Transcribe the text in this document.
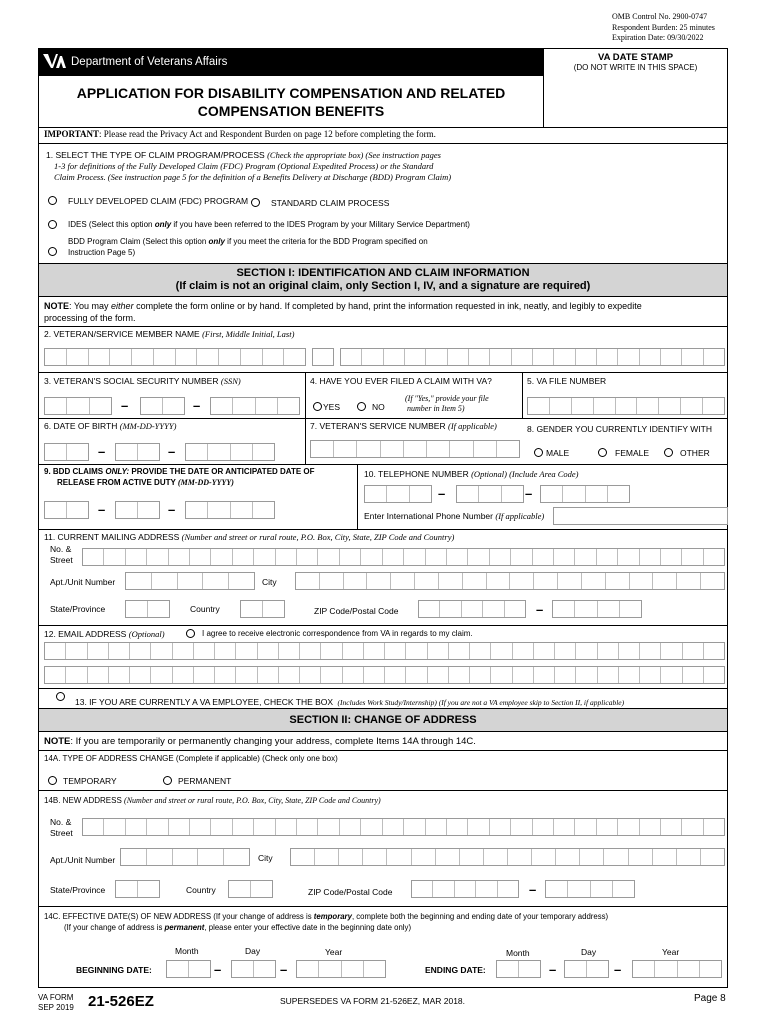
OMB Control No. 2900-0747
Respondent Burden: 25 minutes
Expiration Date: 09/30/2022
Department of Veterans Affairs	VA DATE STAMP
(DO NOT WRITE IN THIS SPACE)
APPLICATION FOR DISABILITY COMPENSATION AND RELATED
COMPENSATION BENEFITS
IMPORTANT: Please read the Privacy Act and Respondent Burden on page 12 before completing the form.
1. SELECT THE TYPE OF CLAIM PROGRAM/PROCESS (Check the appropriate box) (See instruction pages
1-3 for definitions of the Fully Developed Claim (FDC) Program (Optional Expedited Process) or the Standard
Claim Process. (See instruction page 5 for the definition of a Benefits Delivery at Discharge (BDD) Program Claim)
FULLY DEVELOPED CLAIM (FDC) PROGRAM	STANDARD CLAIM PROCESS
IDES (Select this option only if you have been referred to the IDES Program by your Military Service Department)
BDD Program Claim (Select this option only if you meet the criteria for the BDD Program specified on
Instruction Page 5)
SECTION I: IDENTIFICATION AND CLAIM INFORMATION
(If claim is not an original claim, only Section I, IV, and a signature are required)
NOTE: You may either complete the form online or by hand. If completed by hand, print the information requested in ink, neatly, and legibly to expedite
processing of the form.
2. VETERAN/SERVICE MEMBER NAME (First, Middle Initial, Last)
3. VETERAN'S SOCIAL SECURITY NUMBER (SSN)
–	–
4. HAVE YOU EVER FILED A CLAIM WITH VA?
YES	NO
(If "Yes," provide your file
number in Item 5)
5. VA FILE NUMBER
6. DATE OF BIRTH (MM-DD-YYYY)
–	–
7. VETERAN'S SERVICE NUMBER (If applicable)	8. GENDER YOU CURRENTLY IDENTIFY WITH
MALE	FEMALE	OTHER
9. BDD CLAIMS ONLY: PROVIDE THE DATE OR ANTICIPATED DATE OF
RELEASE FROM ACTIVE DUTY (MM-DD-YYYY)
–	–
10. TELEPHONE NUMBER (Optional) (Include Area Code)
–	–
Enter International Phone Number (If applicable)
11. CURRENT MAILING ADDRESS (Number and street or rural route, P.O. Box, City, State, ZIP Code and Country)
No. &
Street
Apt./Unit Number	City
State/Province	Country	ZIP Code/Postal Code	–
12. EMAIL ADDRESS (Optional)	I agree to receive electronic correspondence from VA in regards to my claim.
13. IF YOU ARE CURRENTLY A VA EMPLOYEE, CHECK THE BOX (Includes Work Study/Internship) (If you are not a VA employee skip to Section II, if applicable)
SECTION II: CHANGE OF ADDRESS
NOTE: If you are temporarily or permanently changing your address, complete Items 14A through 14C.
14A. TYPE OF ADDRESS CHANGE (Complete if applicable) (Check only one box)
TEMPORARY	PERMANENT
14B. NEW ADDRESS (Number and street or rural route, P.O. Box, City, State, ZIP Code and Country)
No. &
Street
Apt./Unit Number	City
State/Province	Country	ZIP Code/Postal Code	–
14C. EFFECTIVE DATE(S) OF NEW ADDRESS (If your change of address is temporary, complete both the beginning and ending date of your temporary address)
(If your change of address is permanent, please enter your effective date in the beginning date only)
Month	Day	Year	Month	Day	Year
BEGINNING DATE:	–	–	ENDING DATE:	–	–
VA FORM
SEP 2019 21-526EZ	SUPERSEDES VA FORM 21-526EZ, MAR 2018.	Page 8
